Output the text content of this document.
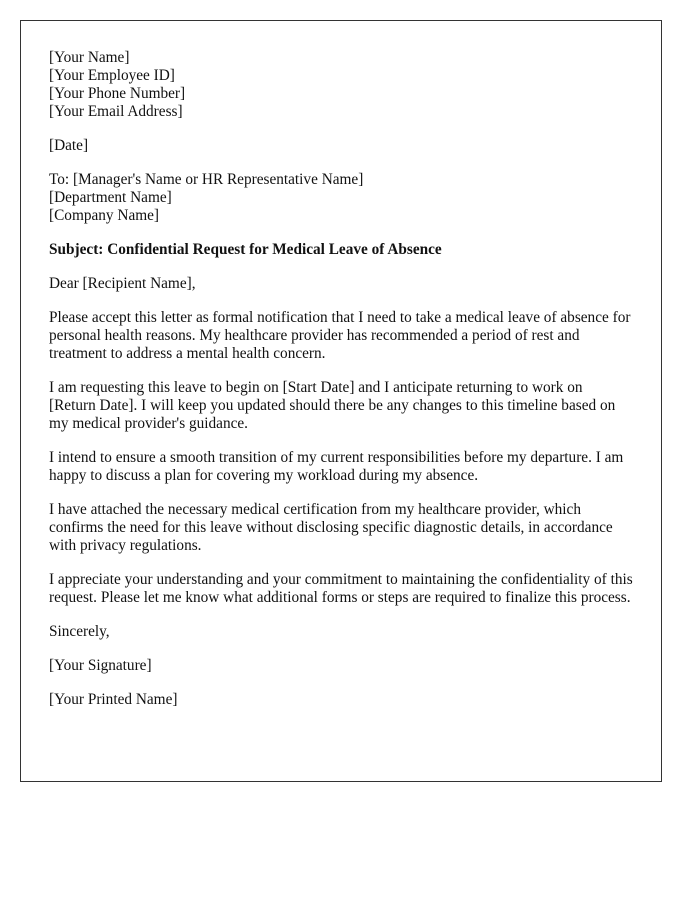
[Your Name]
[Your Employee ID]
[Your Phone Number]
[Your Email Address]

[Date]

To: [Manager's Name or HR Representative Name]
[Department Name]
[Company Name]

Subject: Confidential Request for Medical Leave of Absence

Dear [Recipient Name],

Please accept this letter as formal notification that I need to take a medical leave of absence for personal health reasons. My healthcare provider has recommended a period of rest and treatment to address a mental health concern.

I am requesting this leave to begin on [Start Date] and I anticipate returning to work on [Return Date]. I will keep you updated should there be any changes to this timeline based on my medical provider's guidance.

I intend to ensure a smooth transition of my current responsibilities before my departure. I am happy to discuss a plan for covering my workload during my absence.

I have attached the necessary medical certification from my healthcare provider, which confirms the need for this leave without disclosing specific diagnostic details, in accordance with privacy regulations.

I appreciate your understanding and your commitment to maintaining the confidentiality of this request. Please let me know what additional forms or steps are required to finalize this process.

Sincerely,

[Your Signature]

[Your Printed Name]
